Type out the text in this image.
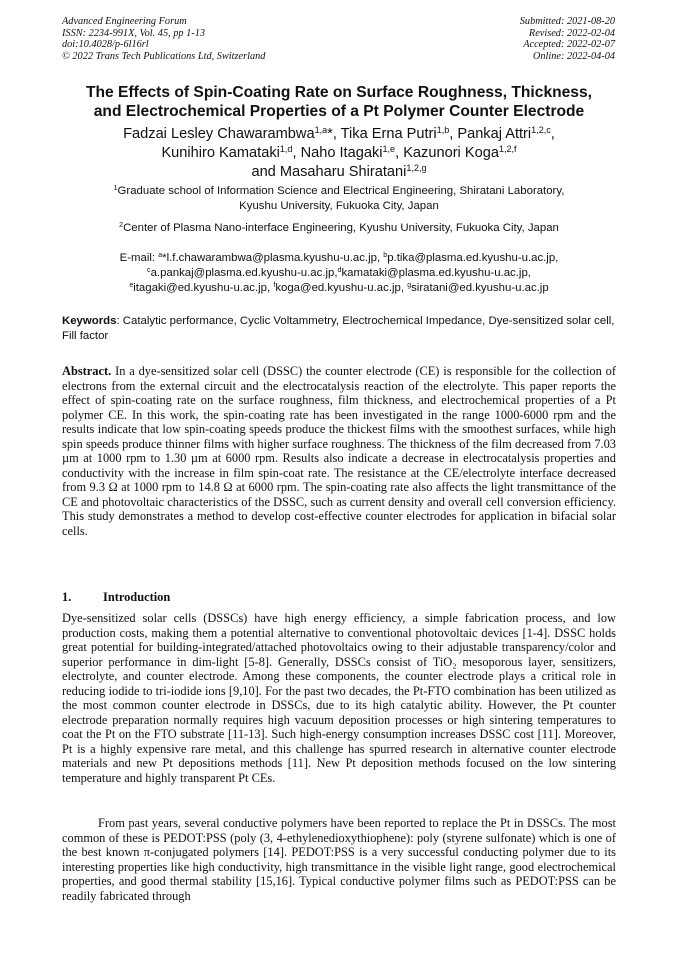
Advanced Engineering Forum
ISSN: 2234-991X, Vol. 45, pp 1-13
doi:10.4028/p-6l16rl
© 2022 Trans Tech Publications Ltd, Switzerland
Submitted: 2021-08-20
Revised: 2022-02-04
Accepted: 2022-02-07
Online: 2022-04-04
The Effects of Spin-Coating Rate on Surface Roughness, Thickness,
and Electrochemical Properties of a Pt Polymer Counter Electrode
Fadzai Lesley Chawarambwa$^{1,a}$*, Tika Erna Putri$^{1,b}$, Pankaj Attri$^{1,2,c}$,
Kunihiro Kamataki$^{1,d}$, Naho Itagaki$^{1,e}$, Kazunori Koga$^{1,2,f}$
and Masaharu Shiratani$^{1,2,g}$
$^1$Graduate school of Information Science and Electrical Engineering, Shiratani Laboratory,
Kyushu University, Fukuoka City, Japan
$^2$Center of Plasma Nano-interface Engineering, Kyushu University, Fukuoka City, Japan
E-mail: $^a$*l.f.chawarambwa@plasma.kyushu-u.ac.jp, $^b$p.tika@plasma.ed.kyushu-u.ac.jp,
$^c$a.pankaj@plasma.ed.kyushu-u.ac.jp,$^d$kamataki@plasma.ed.kyushu-u.ac.jp,
$^e$itagaki@ed.kyushu-u.ac.jp, $^f$koga@ed.kyushu-u.ac.jp, $^g$siratani@ed.kyushu-u.ac.jp
Keywords: Catalytic performance, Cyclic Voltammetry, Electrochemical Impedance, Dye-sensitized solar cell, Fill factor
Abstract. In a dye-sensitized solar cell (DSSC) the counter electrode (CE) is responsible for the collection of electrons from the external circuit and the electrocatalysis reaction of the electrolyte. This paper reports the effect of spin-coating rate on the surface roughness, film thickness, and electrochemical properties of a Pt polymer CE. In this work, the spin-coating rate has been investigated in the range 1000-6000 rpm and the results indicate that low spin-coating speeds produce the thickest films with the smoothest surfaces, while high spin speeds produce thinner films with higher surface roughness. The thickness of the film decreased from 7.03 µm at 1000 rpm to 1.30 µm at 6000 rpm. Results also indicate a decrease in electrocatalysis properties and conductivity with the increase in film spin-coat rate. The resistance at the CE/electrolyte interface decreased from 9.3 Ω at 1000 rpm to 14.8 Ω at 6000 rpm. The spin-coating rate also affects the light transmittance of the CE and photovoltaic characteristics of the DSSC, such as current density and overall cell conversion efficiency. This study demonstrates a method to develop cost-effective counter electrodes for application in bifacial solar cells.
1.	Introduction
Dye-sensitized solar cells (DSSCs) have high energy efficiency, a simple fabrication process, and low production costs, making them a potential alternative to conventional photovoltaic devices [1-4]. DSSC holds great potential for building-integrated/attached photovoltaics owing to their adjustable transparency/color and superior performance in dim-light [5-8]. Generally, DSSCs consist of TiO₂ mesoporous layer, sensitizers, electrolyte, and counter electrode. Among these components, the counter electrode plays a critical role in reducing iodide to tri-iodide ions [9,10]. For the past two decades, the Pt-FTO combination has been utilized as the most common counter electrode in DSSCs, due to its high catalytic ability. However, the Pt counter electrode preparation normally requires high vacuum deposition processes or high sintering temperatures to coat the Pt on the FTO substrate [11-13]. Such high-energy consumption increases DSSC cost [11]. Moreover, Pt is a highly expensive rare metal, and this challenge has spurred research in alternative counter electrode materials and new Pt depositions methods [11]. New Pt deposition methods focused on the low sintering temperature and highly transparent Pt CEs.
From past years, several conductive polymers have been reported to replace the Pt in DSSCs. The most common of these is PEDOT:PSS (poly (3, 4-ethylenedioxythiophene): poly (styrene sulfonate) which is one of the best known π-conjugated polymers [14]. PEDOT:PSS is a very successful conducting polymer due to its interesting properties like high conductivity, high transmittance in the visible light range, good electrochemical properties, and good thermal stability [15,16]. Typical conductive polymer films such as PEDOT:PSS can be readily fabricated through
